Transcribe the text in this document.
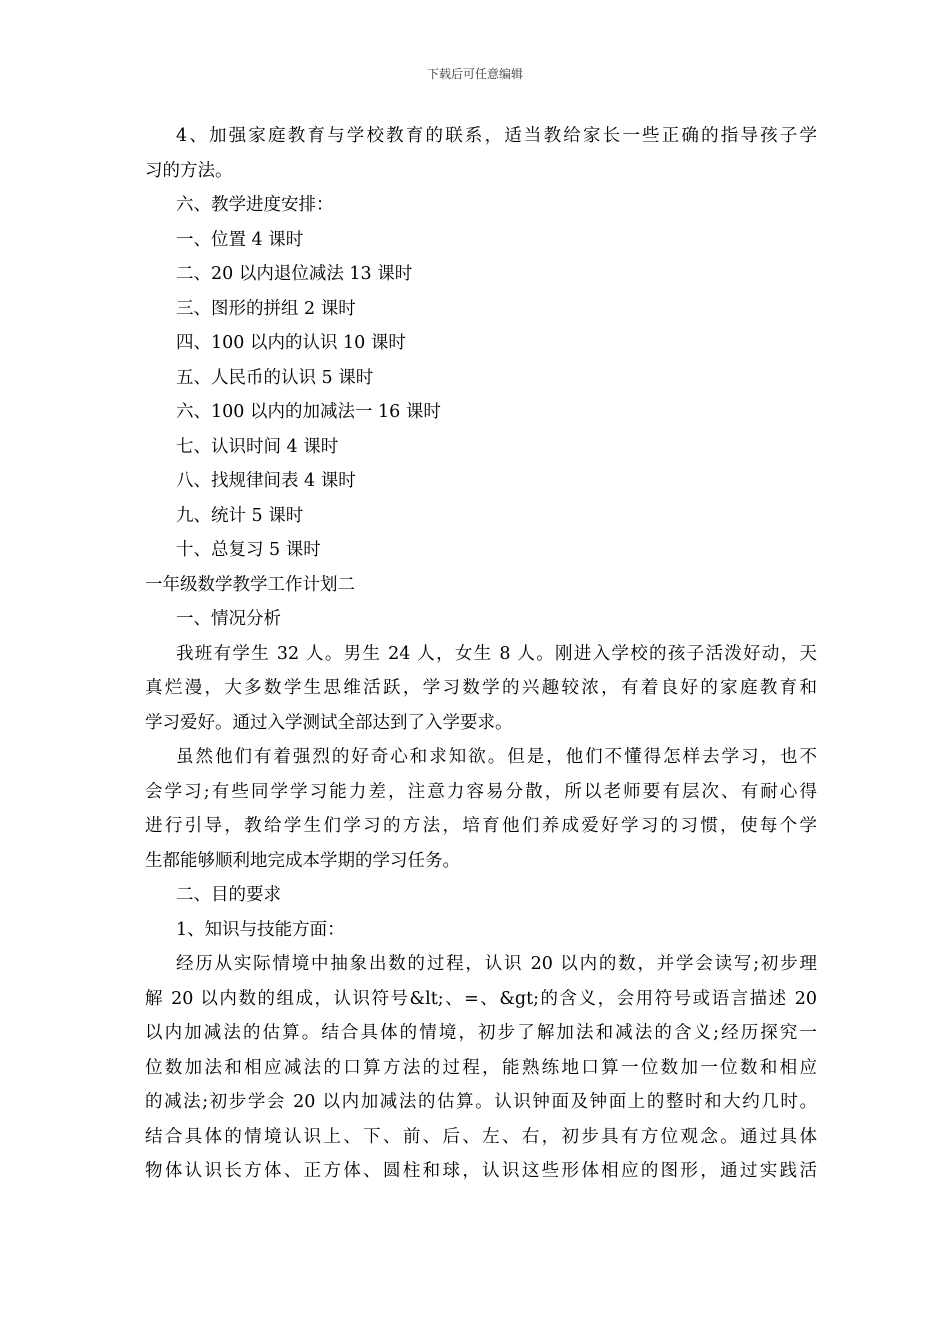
下载后可任意编辑

4、加强家庭教育与学校教育的联系，适当教给家长一些正确的指导孩子学

习的方法。

六、教学进度安排：

一、位置 4 课时

二、20 以内退位减法 13 课时

三、图形的拼组 2 课时

四、100 以内的认识 10 课时

五、人民币的认识 5 课时

六、100 以内的加减法一 16 课时

七、认识时间 4 课时

八、找规律间表 4 课时

九、统计 5 课时

十、总复习 5 课时

一年级数学教学工作计划二

一、情况分析

我班有学生 32 人。男生 24 人，女生 8 人。刚进入学校的孩子活泼好动，天

真烂漫，大多数学生思维活跃，学习数学的兴趣较浓，有着良好的家庭教育和

学习爱好。通过入学测试全部达到了入学要求。

虽然他们有着强烈的好奇心和求知欲。但是，他们不懂得怎样去学习，也不

会学习;有些同学学习能力差，注意力容易分散，所以老师要有层次、有耐心得

进行引导，教给学生们学习的方法，培育他们养成爱好学习的习惯，使每个学

生都能够顺利地完成本学期的学习任务。

二、目的要求

1、知识与技能方面：

经历从实际情境中抽象出数的过程，认识 20 以内的数，并学会读写;初步理

解 20 以内数的组成，认识符号&lt;、=、&gt;的含义，会用符号或语言描述 20

以内加减法的估算。结合具体的情境，初步了解加法和减法的含义;经历探究一

位数加法和相应减法的口算方法的过程，能熟练地口算一位数加一位数和相应

的减法;初步学会 20 以内加减法的估算。认识钟面及钟面上的整时和大约几时。

结合具体的情境认识上、下、前、后、左、右，初步具有方位观念。通过具体

物体认识长方体、正方体、圆柱和球，认识这些形体相应的图形，通过实践活
